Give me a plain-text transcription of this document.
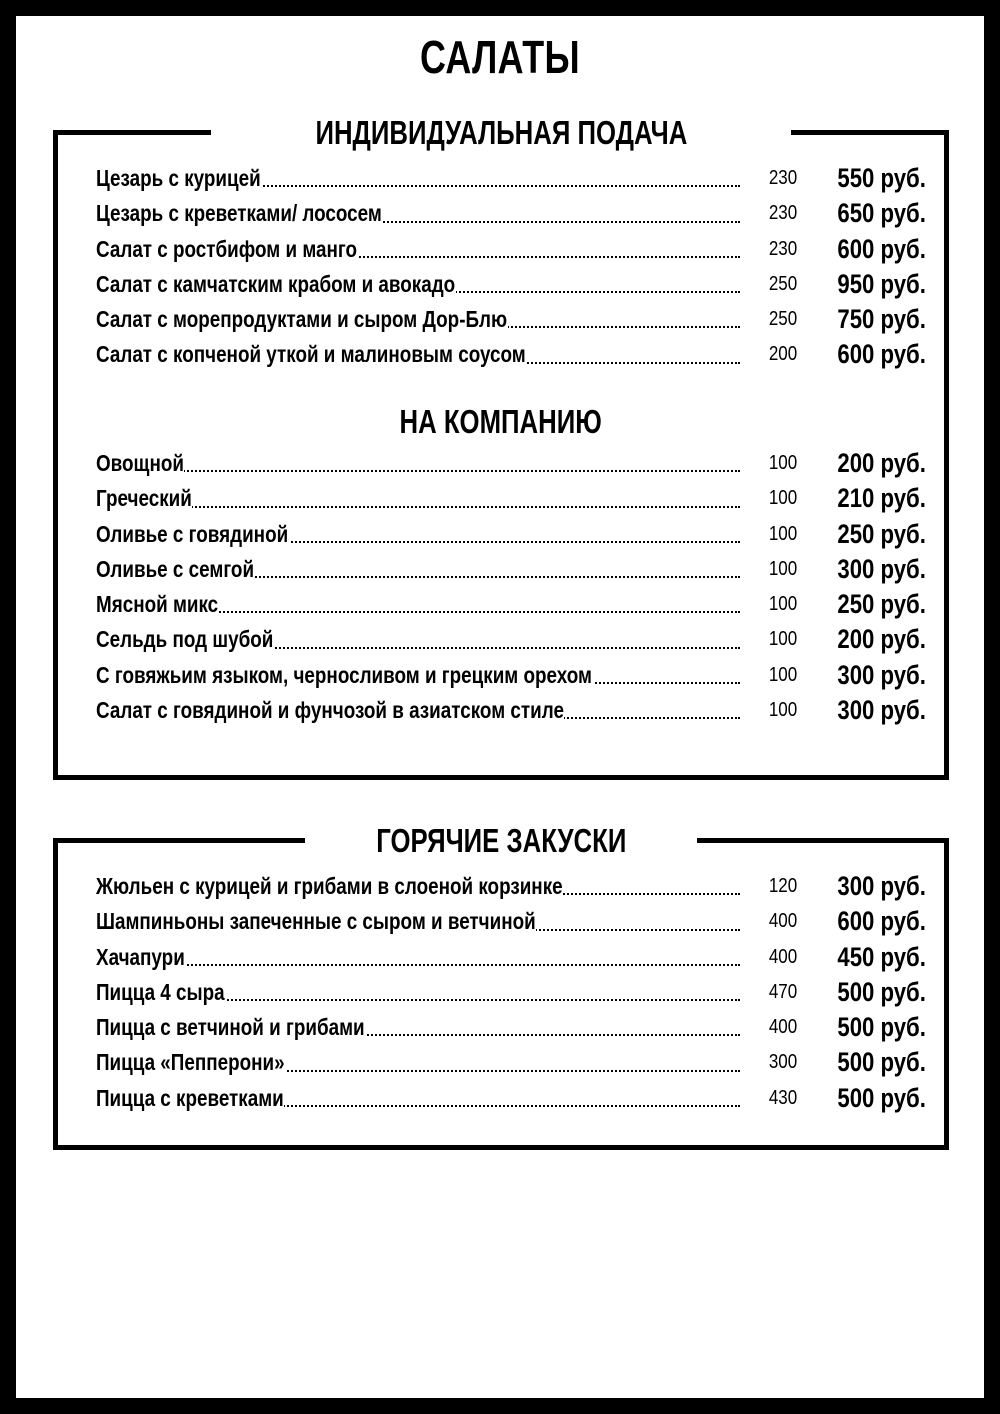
САЛАТЫ
ИНДИВИДУАЛЬНАЯ ПОДАЧА
Цезарь с курицей	230	550 руб.
Цезарь с креветками/ лососем	230	650 руб.
Салат с ростбифом и манго	230	600 руб.
Салат с камчатским крабом и авокадо	250	950 руб.
Салат с морепродуктами и сыром Дор-Блю	250	750 руб.
Салат с копченой уткой и малиновым соусом	200	600 руб.
НА КОМПАНИЮ
Овощной	100	200 руб.
Греческий	100	210 руб.
Оливье с говядиной	100	250 руб.
Оливье с семгой	100	300 руб.
Мясной микс	100	250 руб.
Сельдь под шубой	100	200 руб.
С говяжьим языком, черносливом и грецким орехом	100	300 руб.
Салат с говядиной и фунчозой в азиатском стиле	100	300 руб.
ГОРЯЧИЕ ЗАКУСКИ
Жюльен с курицей и грибами в слоеной корзинке	120	300 руб.
Шампиньоны запеченные с сыром и ветчиной	400	600 руб.
Хачапури	400	450 руб.
Пицца 4 сыра	470	500 руб.
Пицца с ветчиной и грибами	400	500 руб.
Пицца «Пепперони»	300	500 руб.
Пицца с креветками	430	500 руб.
